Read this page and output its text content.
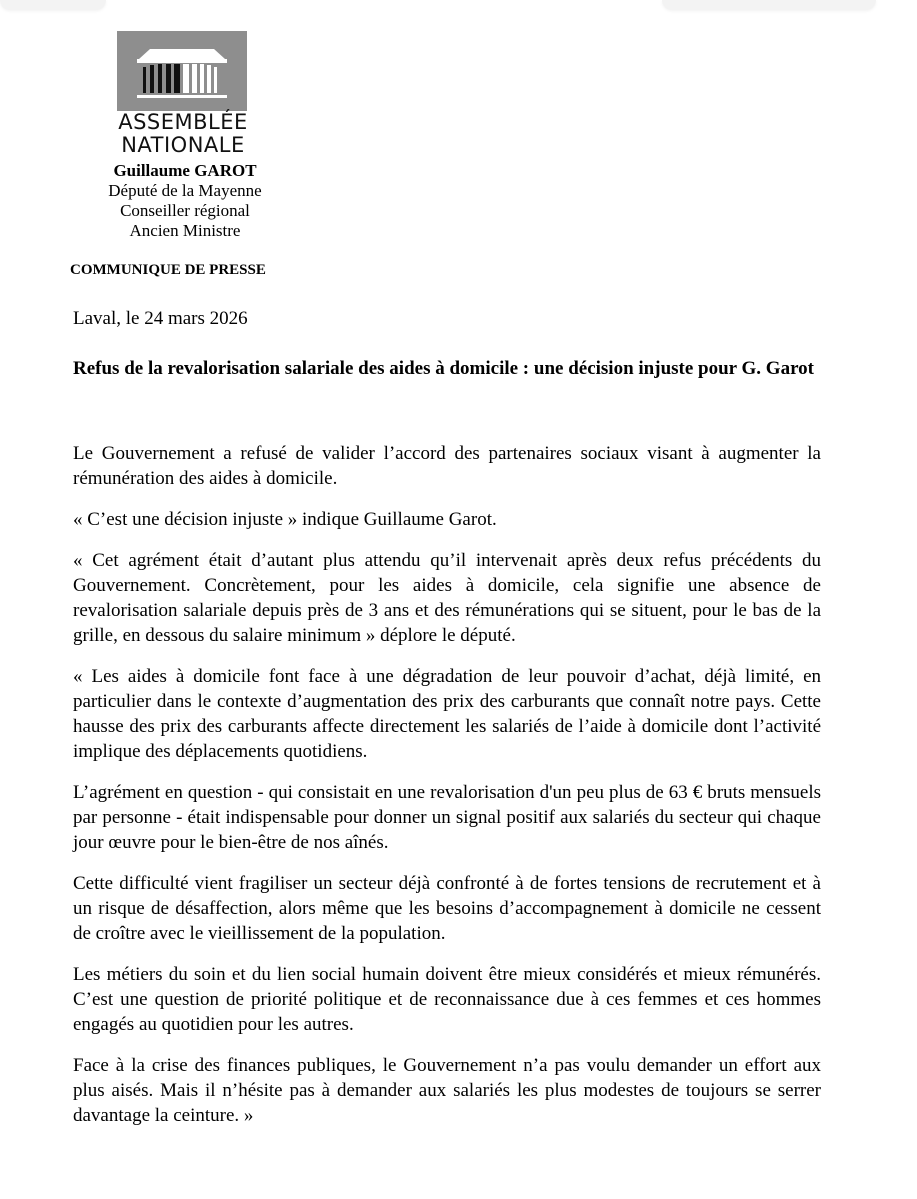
ASSEMBLÉE
NATIONALE
Guillaume GAROT
Député de la Mayenne
Conseiller régional
Ancien Ministre
COMMUNIQUE DE PRESSE
Laval, le 24 mars 2026
Refus de la revalorisation salariale des aides à domicile : une décision injuste pour G. Garot

Le Gouvernement a refusé de valider l’accord des partenaires sociaux visant à augmenter la rémunération des aides à domicile.

« C’est une décision injuste » indique Guillaume Garot.

« Cet agrément était d’autant plus attendu qu’il intervenait après deux refus précédents du Gouvernement. Concrètement, pour les aides à domicile, cela signifie une absence de revalorisation salariale depuis près de 3 ans et des rémunérations qui se situent, pour le bas de la grille, en dessous du salaire minimum » déplore le député.

« Les aides à domicile font face à une dégradation de leur pouvoir d’achat, déjà limité, en particulier dans le contexte d’augmentation des prix des carburants que connaît notre pays. Cette hausse des prix des carburants affecte directement les salariés de l’aide à domicile dont l’activité implique des déplacements quotidiens.

L’agrément en question - qui consistait en une revalorisation d'un peu plus de 63 € bruts mensuels par personne - était indispensable pour donner un signal positif aux salariés du secteur qui chaque jour œuvre pour le bien-être de nos aînés.

Cette difficulté vient fragiliser un secteur déjà confronté à de fortes tensions de recrutement et à un risque de désaffection, alors même que les besoins d’accompagnement à domicile ne cessent de croître avec le vieillissement de la population.

Les métiers du soin et du lien social humain doivent être mieux considérés et mieux rémunérés. C’est une question de priorité politique et de reconnaissance due à ces femmes et ces hommes engagés au quotidien pour les autres.

Face à la crise des finances publiques, le Gouvernement n’a pas voulu demander un effort aux plus aisés. Mais il n’hésite pas à demander aux salariés les plus modestes de toujours se serrer davantage la ceinture. »
